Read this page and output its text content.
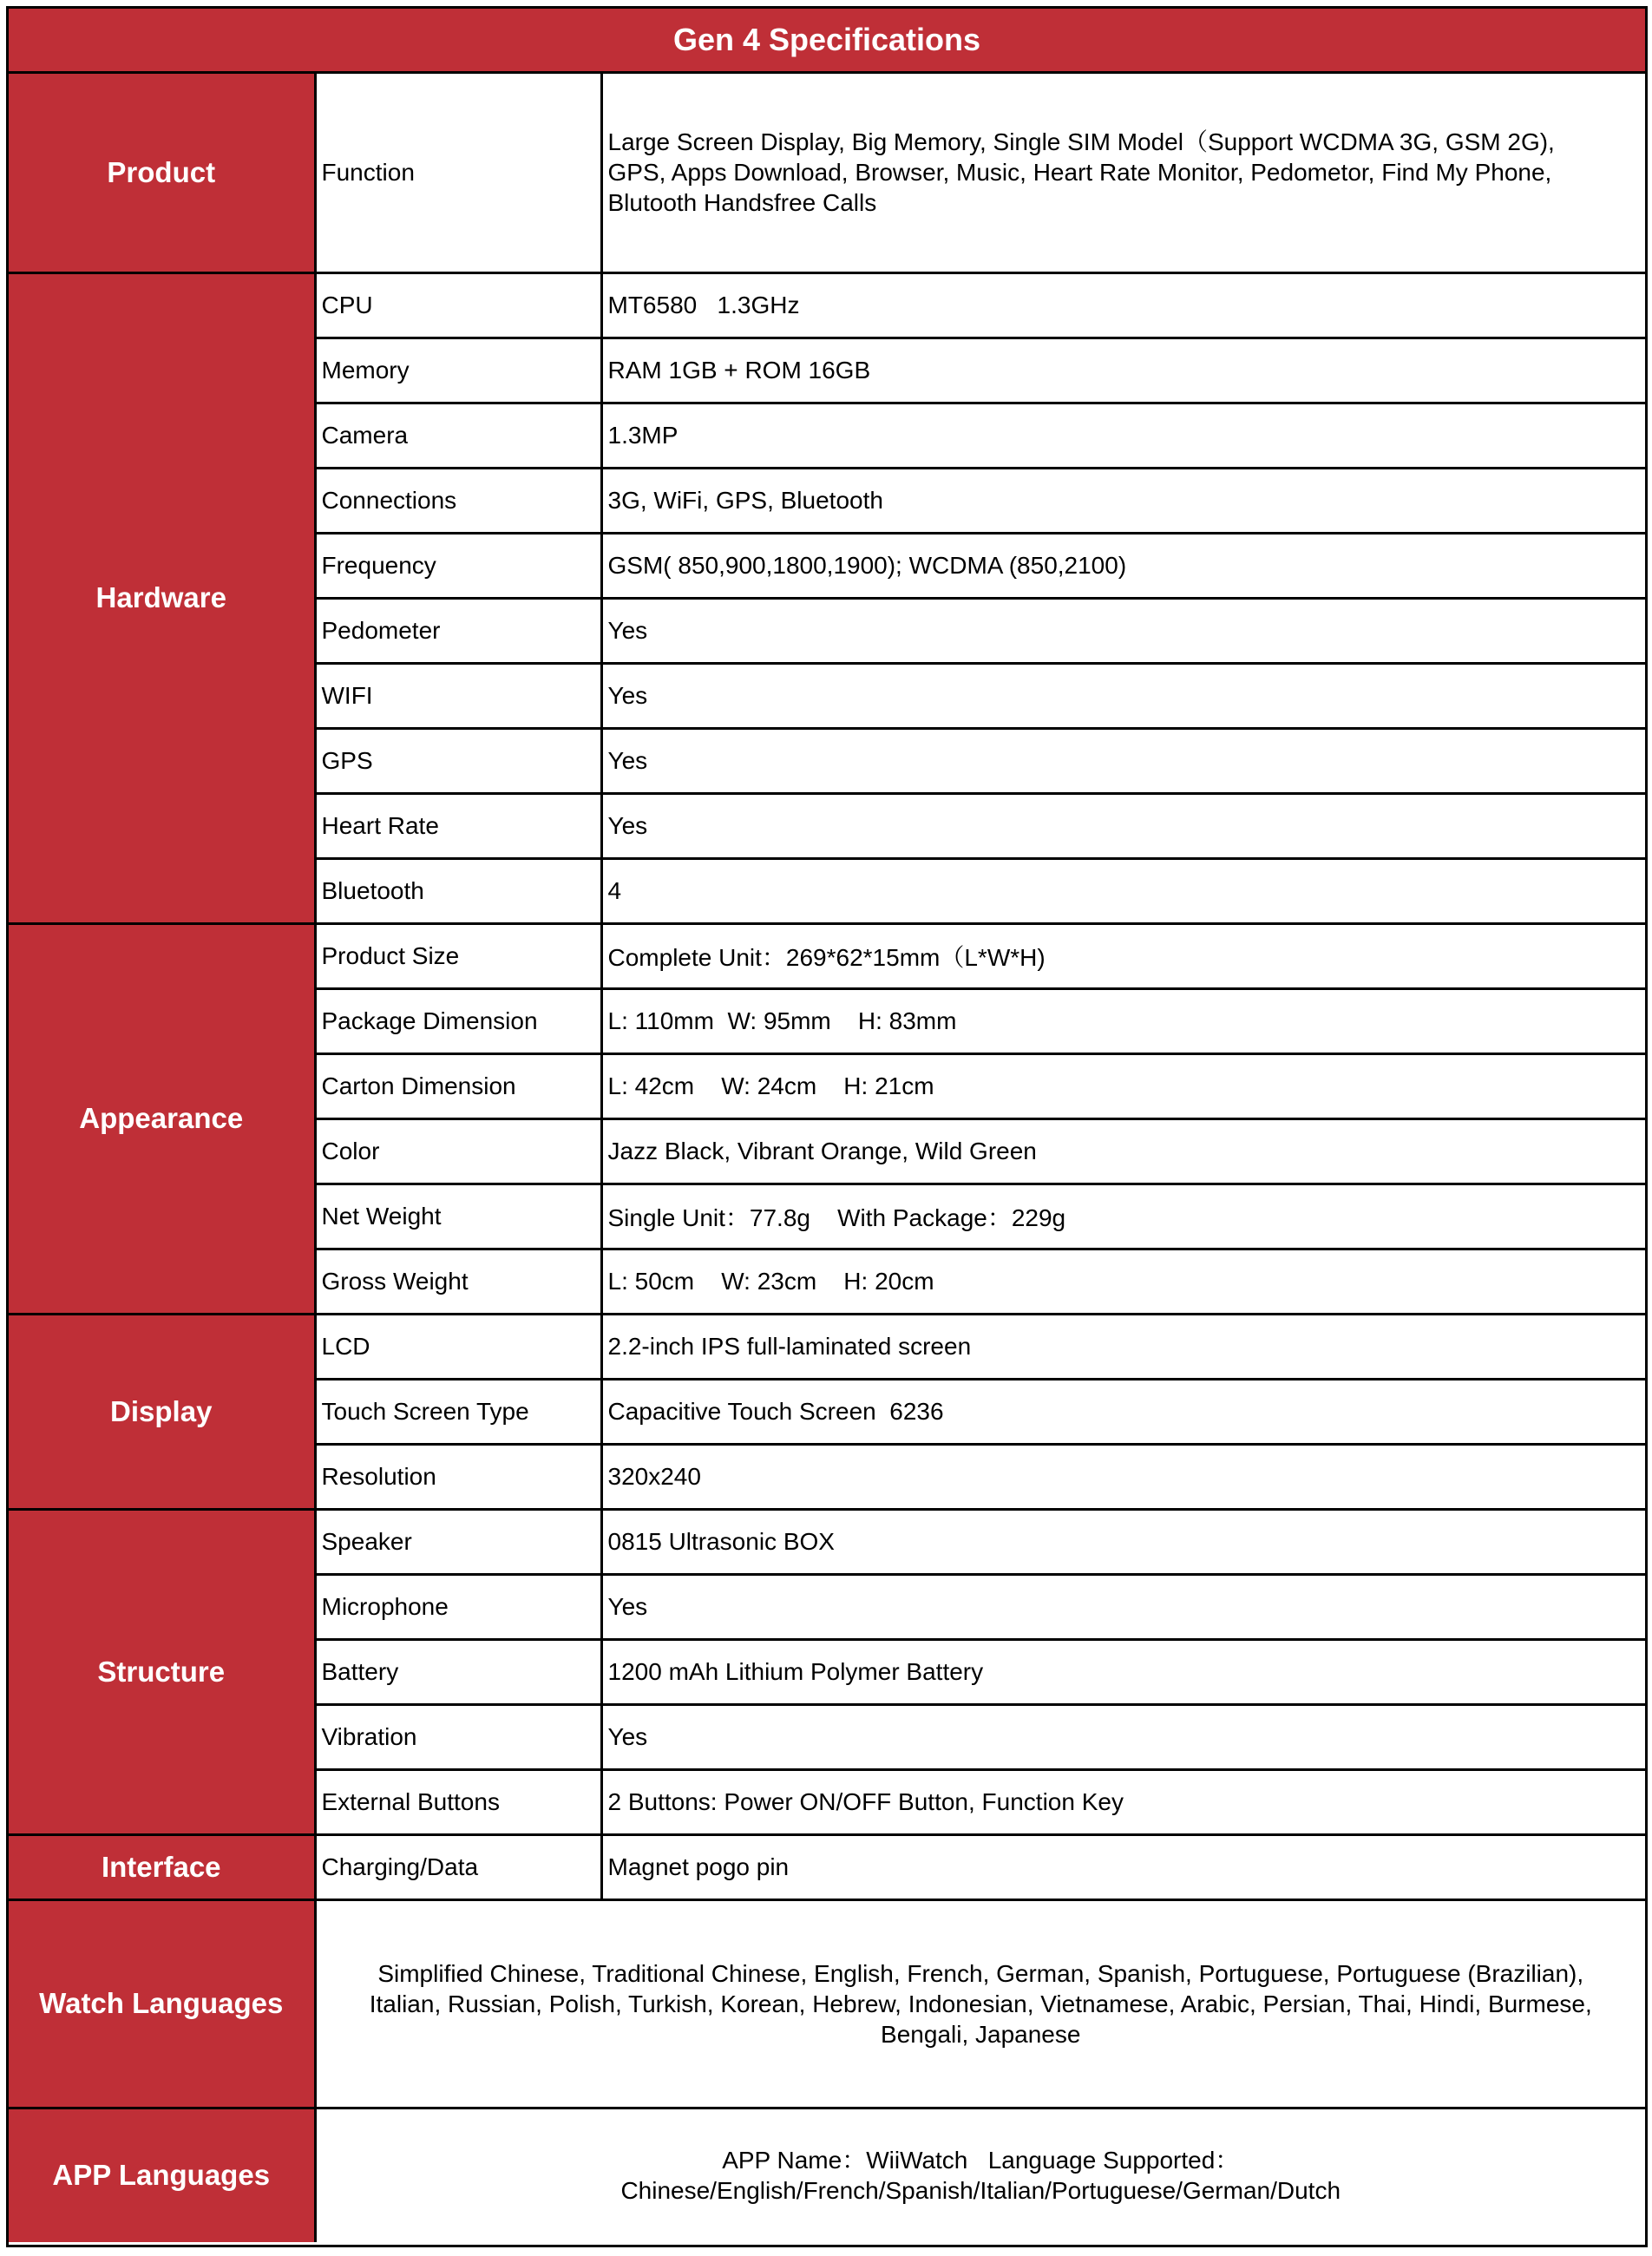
Gen 4 Specifications
Product	Function	Large Screen Display, Big Memory, Single SIM Model（Support WCDMA 3G, GSM 2G), GPS, Apps Download, Browser, Music, Heart Rate Monitor, Pedometor, Find My Phone, Blutooth Handsfree Calls
Hardware	CPU	MT6580   1.3GHz
	Memory	RAM 1GB + ROM 16GB
	Camera	1.3MP
	Connections	3G, WiFi, GPS, Bluetooth
	Frequency	GSM( 850,900,1800,1900); WCDMA (850,2100)
	Pedometer	Yes
	WIFI	Yes
	GPS	Yes
	Heart Rate	Yes
	Bluetooth	4
Appearance	Product Size	Complete Unit：269*62*15mm（L*W*H)
	Package Dimension	L: 110mm  W: 95mm    H: 83mm
	Carton Dimension	L: 42cm    W: 24cm    H: 21cm
	Color	Jazz Black, Vibrant Orange, Wild Green
	Net Weight	Single Unit：77.8g    With Package：229g
	Gross Weight	L: 50cm    W: 23cm    H: 20cm
Display	LCD	2.2-inch IPS full-laminated screen
	Touch Screen Type	Capacitive Touch Screen  6236
	Resolution	320x240
Structure	Speaker	0815 Ultrasonic BOX
	Microphone	Yes
	Battery	1200 mAh Lithium Polymer Battery
	Vibration	Yes
	External Buttons	2 Buttons: Power ON/OFF Button, Function Key
Interface	Charging/Data	Magnet pogo pin
Watch Languages	Simplified Chinese, Traditional Chinese, English, French, German, Spanish, Portuguese, Portuguese (Brazilian), Italian, Russian, Polish, Turkish, Korean, Hebrew, Indonesian, Vietnamese, Arabic, Persian, Thai, Hindi, Burmese, Bengali, Japanese	
APP Languages	APP Name：WiiWatch   Language Supported：
Chinese/English/French/Spanish/Italian/Portuguese/German/Dutch	
